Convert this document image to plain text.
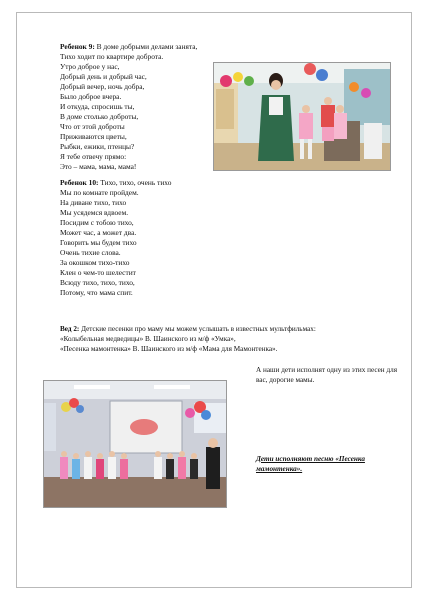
Ребенок 9: В доме добрыми делами занята,
Тихо ходит по квартире доброта.
Утро доброе у нас,
Добрый день и добрый час,
Добрый вечер, ночь добра,
Было доброе вчера.
И откуда, спросишь ты,
В доме столько доброты,
Что от этой доброты
Приживаются цветы,
Рыбки, ежики, птенцы?
Я тебе отвечу прямо:
Это – мама, мама, мама!
Ребенок 10: Тихо, тихо, очень тихо
Мы по комнате пройдем.
На диване тихо, тихо
Мы усядемся вдвоем.
Посидим с тобою тихо,
Может час, а может два.
Говорить мы будем тихо
Очень тихие слова.
За окошком тихо-тихо
Клен о чем-то шелестит
Всюду тихо, тихо, тихо,
Потому, что мама спит.
Вед 2: Детские песенки про маму мы можем услышать в известных мультфильмах:
«Колыбельная медведицы» В. Шаинского из м/ф «Умка»,
«Песенка мамонтенка» В. Шаинского из м/ф «Мама для Мамонтенка».
А наши дети исполнят одну из этих песен для вас, дорогие мамы.
Дети исполняют песню «Песенка мамонтенка».
